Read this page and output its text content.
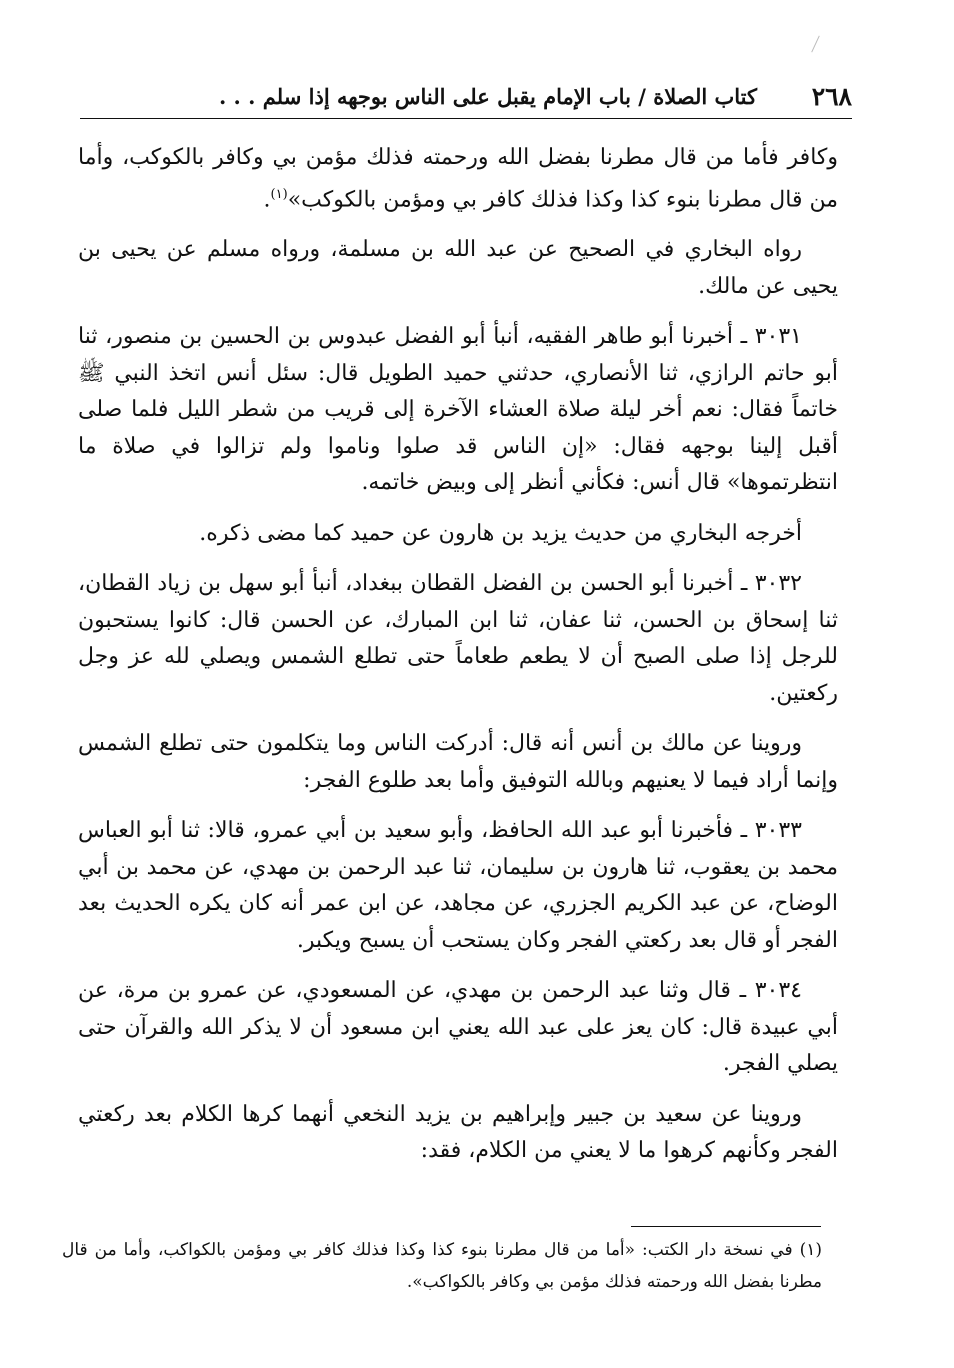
٢٦٨
كتاب الصلاة / باب الإمام يقبل على الناس بوجهه إذا سلم . . .

وكافر فأما من قال مطرنا بفضل الله ورحمته فذلك مؤمن بي وكافر بالكوكب، وأما من قال مطرنا بنوء كذا وكذا فذلك كافر بي ومؤمن بالكوكب»$^{(١)}$.

رواه البخاري في الصحيح عن عبد الله بن مسلمة، ورواه مسلم عن يحيى بن يحيى عن مالك.

٣٠٣١ ـ أخبرنا أبو طاهر الفقيه، أنبأ أبو الفضل عبدوس بن الحسين بن منصور، ثنا أبو حاتم الرازي، ثنا الأنصاري، حدثني حميد الطويل قال: سئل أنس اتخذ النبي ﷺ خاتماً فقال: نعم أخر ليلة صلاة العشاء الآخرة إلى قريب من شطر الليل فلما صلى أقبل إلينا بوجهه فقال: «إن الناس قد صلوا وناموا ولم تزالوا في صلاة ما انتظرتموها» قال أنس: فكأني أنظر إلى وبيض خاتمه.

أخرجه البخاري من حديث يزيد بن هارون عن حميد كما مضى ذكره.

٣٠٣٢ ـ أخبرنا أبو الحسن بن الفضل القطان ببغداد، أنبأ أبو سهل بن زياد القطان، ثنا إسحاق بن الحسن، ثنا عفان، ثنا ابن المبارك، عن الحسن قال: كانوا يستحبون للرجل إذا صلى الصبح أن لا يطعم طعاماً حتى تطلع الشمس ويصلي لله عز وجل ركعتين.

وروينا عن مالك بن أنس أنه قال: أدركت الناس وما يتكلمون حتى تطلع الشمس وإنما أراد فيما لا يعنيهم وبالله التوفيق وأما بعد طلوع الفجر:

٣٠٣٣ ـ فأخبرنا أبو عبد الله الحافظ، وأبو سعيد بن أبي عمرو، قالا: ثنا أبو العباس محمد بن يعقوب، ثنا هارون بن سليمان، ثنا عبد الرحمن بن مهدي، عن محمد بن أبي الوضاح، عن عبد الكريم الجزري، عن مجاهد، عن ابن عمر أنه كان يكره الحديث بعد الفجر أو قال بعد ركعتي الفجر وكان يستحب أن يسبح ويكبر.

٣٠٣٤ ـ قال وثنا عبد الرحمن بن مهدي، عن المسعودي، عن عمرو بن مرة، عن أبي عبيدة قال: كان يعز على عبد الله يعني ابن مسعود أن لا يذكر الله والقرآن حتى يصلي الفجر.

وروينا عن سعيد بن جبير وإبراهيم بن يزيد النخعي أنهما كرها الكلام بعد ركعتي الفجر وكأنهم كرهوا ما لا يعني من الكلام، فقد:

(١) في نسخة دار الكتب: «أما من قال مطرنا بنوء كذا وكذا فذلك كافر بي ومؤمن بالكواكب، وأما من قال مطرنا بفضل الله ورحمته فذلك مؤمن بي وكافر بالكواكب».
